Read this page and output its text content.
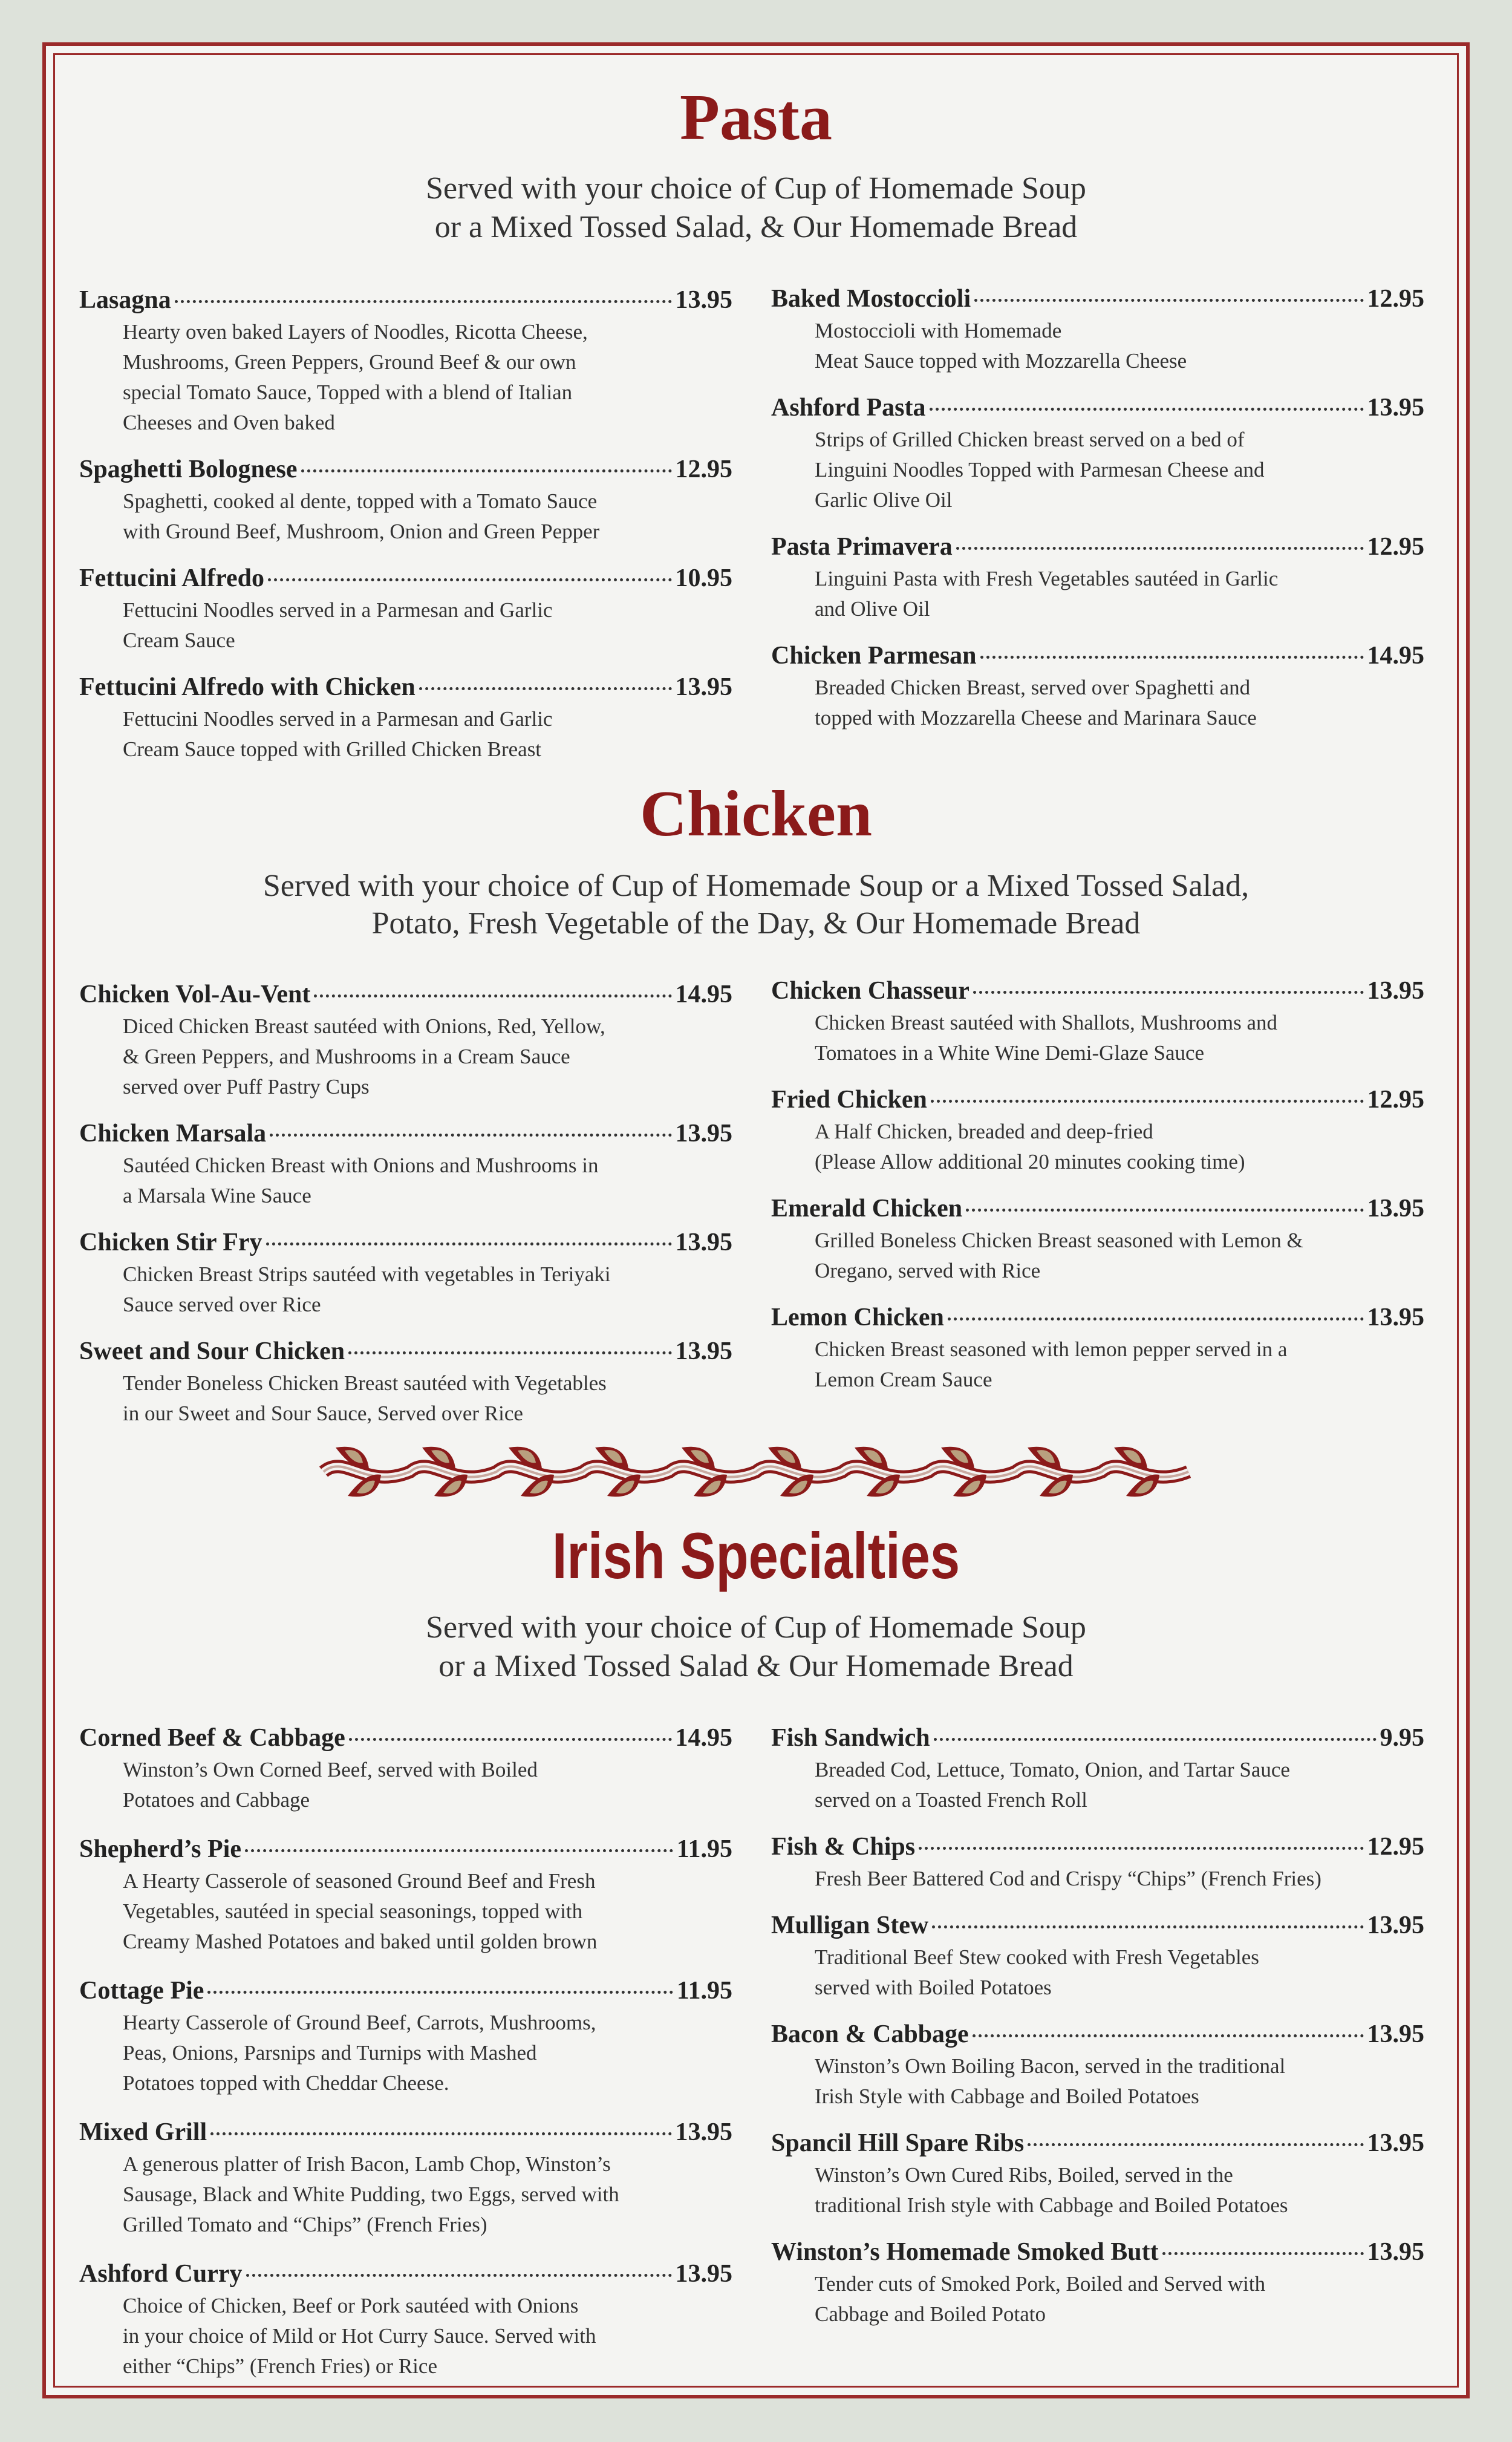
Pasta
Served with your choice of Cup of Homemade Soup
or a Mixed Tossed Salad, & Our Homemade Bread
Lasagna	13.95
Hearty oven baked Layers of Noodles, Ricotta Cheese,
Mushrooms, Green Peppers, Ground Beef & our own
special Tomato Sauce, Topped with a blend of Italian
Cheeses and Oven baked
Spaghetti Bolognese	12.95
Spaghetti, cooked al dente, topped with a Tomato Sauce
with Ground Beef, Mushroom, Onion and Green Pepper
Fettucini Alfredo	10.95
Fettucini Noodles served in a Parmesan and Garlic
Cream Sauce
Fettucini Alfredo with Chicken	13.95
Fettucini Noodles served in a Parmesan and Garlic
Cream Sauce topped with Grilled Chicken Breast
Baked Mostoccioli	12.95
Mostoccioli with Homemade
Meat Sauce topped with Mozzarella Cheese
Ashford Pasta	13.95
Strips of Grilled Chicken breast served on a bed of
Linguini Noodles Topped with Parmesan Cheese and
Garlic Olive Oil
Pasta Primavera	12.95
Linguini Pasta with Fresh Vegetables sautéed in Garlic
and Olive Oil
Chicken Parmesan	14.95
Breaded Chicken Breast, served over Spaghetti and
topped with Mozzarella Cheese and Marinara Sauce
Chicken
Served with your choice of Cup of Homemade Soup or a Mixed Tossed Salad,
Potato, Fresh Vegetable of the Day, & Our Homemade Bread
Chicken Vol-Au-Vent	14.95
Diced Chicken Breast sautéed with Onions, Red, Yellow,
& Green Peppers, and Mushrooms in a Cream Sauce
served over Puff Pastry Cups
Chicken Marsala	13.95
Sautéed Chicken Breast with Onions and Mushrooms in
a Marsala Wine Sauce
Chicken Stir Fry	13.95
Chicken Breast Strips sautéed with vegetables in Teriyaki
Sauce served over Rice
Sweet and Sour Chicken	13.95
Tender Boneless Chicken Breast sautéed with Vegetables
in our Sweet and Sour Sauce, Served over Rice
Chicken Chasseur	13.95
Chicken Breast sautéed with Shallots, Mushrooms and
Tomatoes in a White Wine Demi-Glaze Sauce
Fried Chicken	12.95
A Half Chicken, breaded and deep-fried
(Please Allow additional 20 minutes cooking time)
Emerald Chicken	13.95
Grilled Boneless Chicken Breast seasoned with Lemon &
Oregano, served with Rice
Lemon Chicken	13.95
Chicken Breast seasoned with lemon pepper served in a
Lemon Cream Sauce
Irish Specialties
Served with your choice of Cup of Homemade Soup
or a Mixed Tossed Salad & Our Homemade Bread
Corned Beef & Cabbage	14.95
Winston’s Own Corned Beef, served with Boiled
Potatoes and Cabbage
Shepherd’s Pie	11.95
A Hearty Casserole of seasoned Ground Beef and Fresh
Vegetables, sautéed in special seasonings, topped with
Creamy Mashed Potatoes and baked until golden brown
Cottage Pie	11.95
Hearty Casserole of Ground Beef, Carrots, Mushrooms,
Peas, Onions, Parsnips and Turnips with Mashed
Potatoes topped with Cheddar Cheese.
Mixed Grill	13.95
A generous platter of Irish Bacon, Lamb Chop, Winston’s
Sausage, Black and White Pudding, two Eggs, served with
Grilled Tomato and “Chips” (French Fries)
Ashford Curry	13.95
Choice of Chicken, Beef or Pork sautéed with Onions
in your choice of Mild or Hot Curry Sauce. Served with
either “Chips” (French Fries) or Rice
Fish Sandwich	9.95
Breaded Cod, Lettuce, Tomato, Onion, and Tartar Sauce
served on a Toasted French Roll
Fish & Chips	12.95
Fresh Beer Battered Cod and Crispy “Chips” (French Fries)
Mulligan Stew	13.95
Traditional Beef Stew cooked with Fresh Vegetables
served with Boiled Potatoes
Bacon & Cabbage	13.95
Winston’s Own Boiling Bacon, served in the traditional
Irish Style with Cabbage and Boiled Potatoes
Spancil Hill Spare Ribs	13.95
Winston’s Own Cured Ribs, Boiled, served in the
traditional Irish style with Cabbage and Boiled Potatoes
Winston’s Homemade Smoked Butt	13.95
Tender cuts of Smoked Pork, Boiled and Served with
Cabbage and Boiled Potato
